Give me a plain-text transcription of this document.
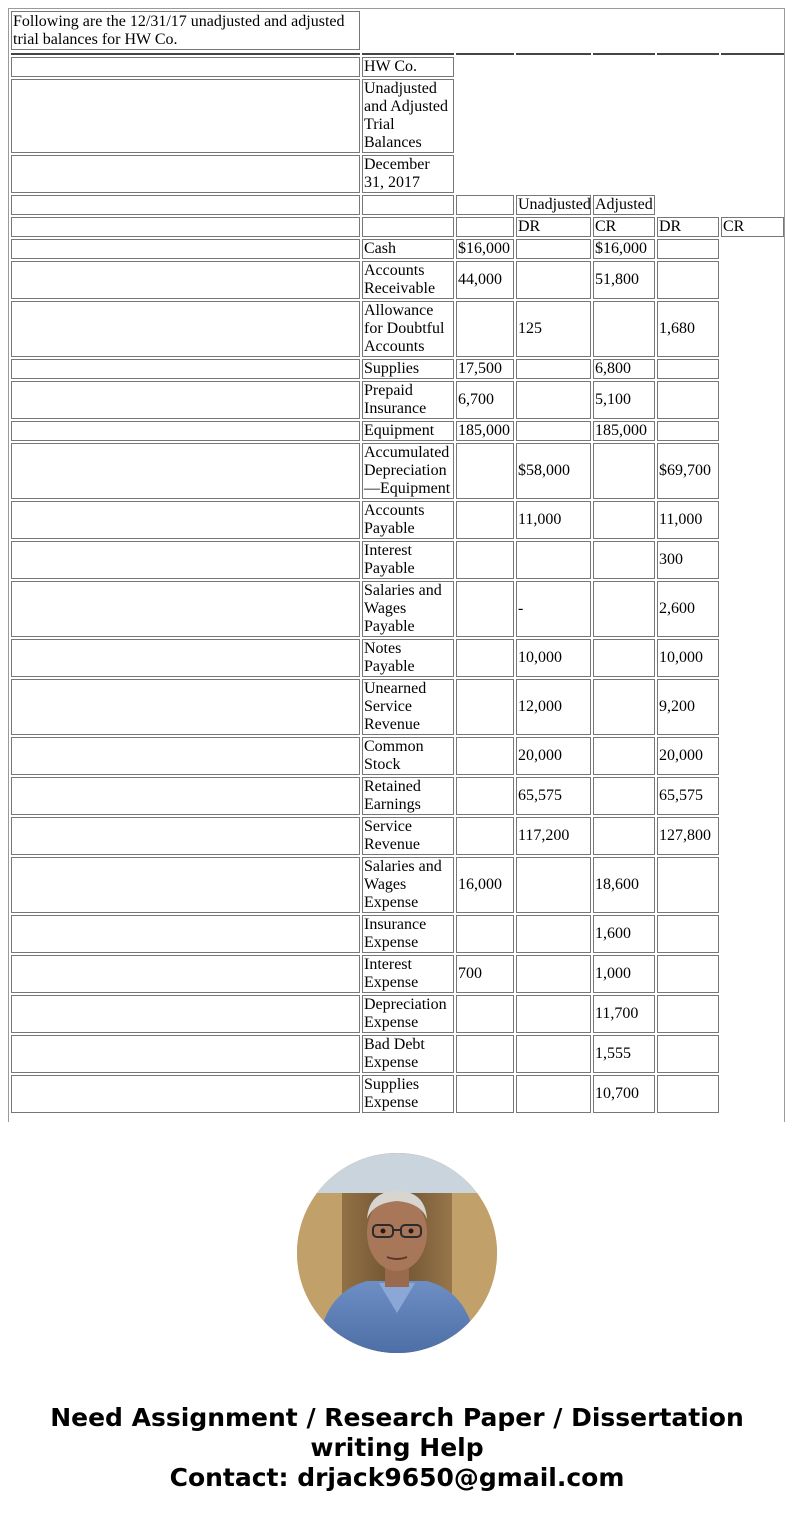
Following are the 12/31/17 unadjusted and adjusted trial balances for HW Co.						

	HW Co.					
	Unadjusted and Adjusted Trial Balances					
	December 31, 2017					
			Unadjusted	Adjusted		
			DR	CR	DR	CR
	Cash	$16,000		$16,000		
	Accounts Receivable	44,000		51,800		
	Allowance for Doubtful Accounts		125		1,680	
	Supplies	17,500		6,800		
	Prepaid Insurance	6,700		5,100		
	Equipment	185,000		185,000		
	Accumulated Depreciation—Equipment		$58,000		$69,700	
	Accounts Payable		11,000		11,000	
	Interest Payable				300	
	Salaries and Wages Payable		-		2,600	
	Notes Payable		10,000		10,000	
	Unearned Service Revenue		12,000		9,200	
	Common Stock		20,000		20,000	
	Retained Earnings		65,575		65,575	
	Service Revenue		117,200		127,800	
	Salaries and Wages Expense	16,000		18,600		
	Insurance Expense			1,600		
	Interest Expense	700		1,000		
	Depreciation Expense			11,700		
	Bad Debt Expense			1,555		
	Supplies Expense			10,700		
Need Assignment / Research Paper / Dissertation
writing Help
Contact: drjack9650@gmail.com
